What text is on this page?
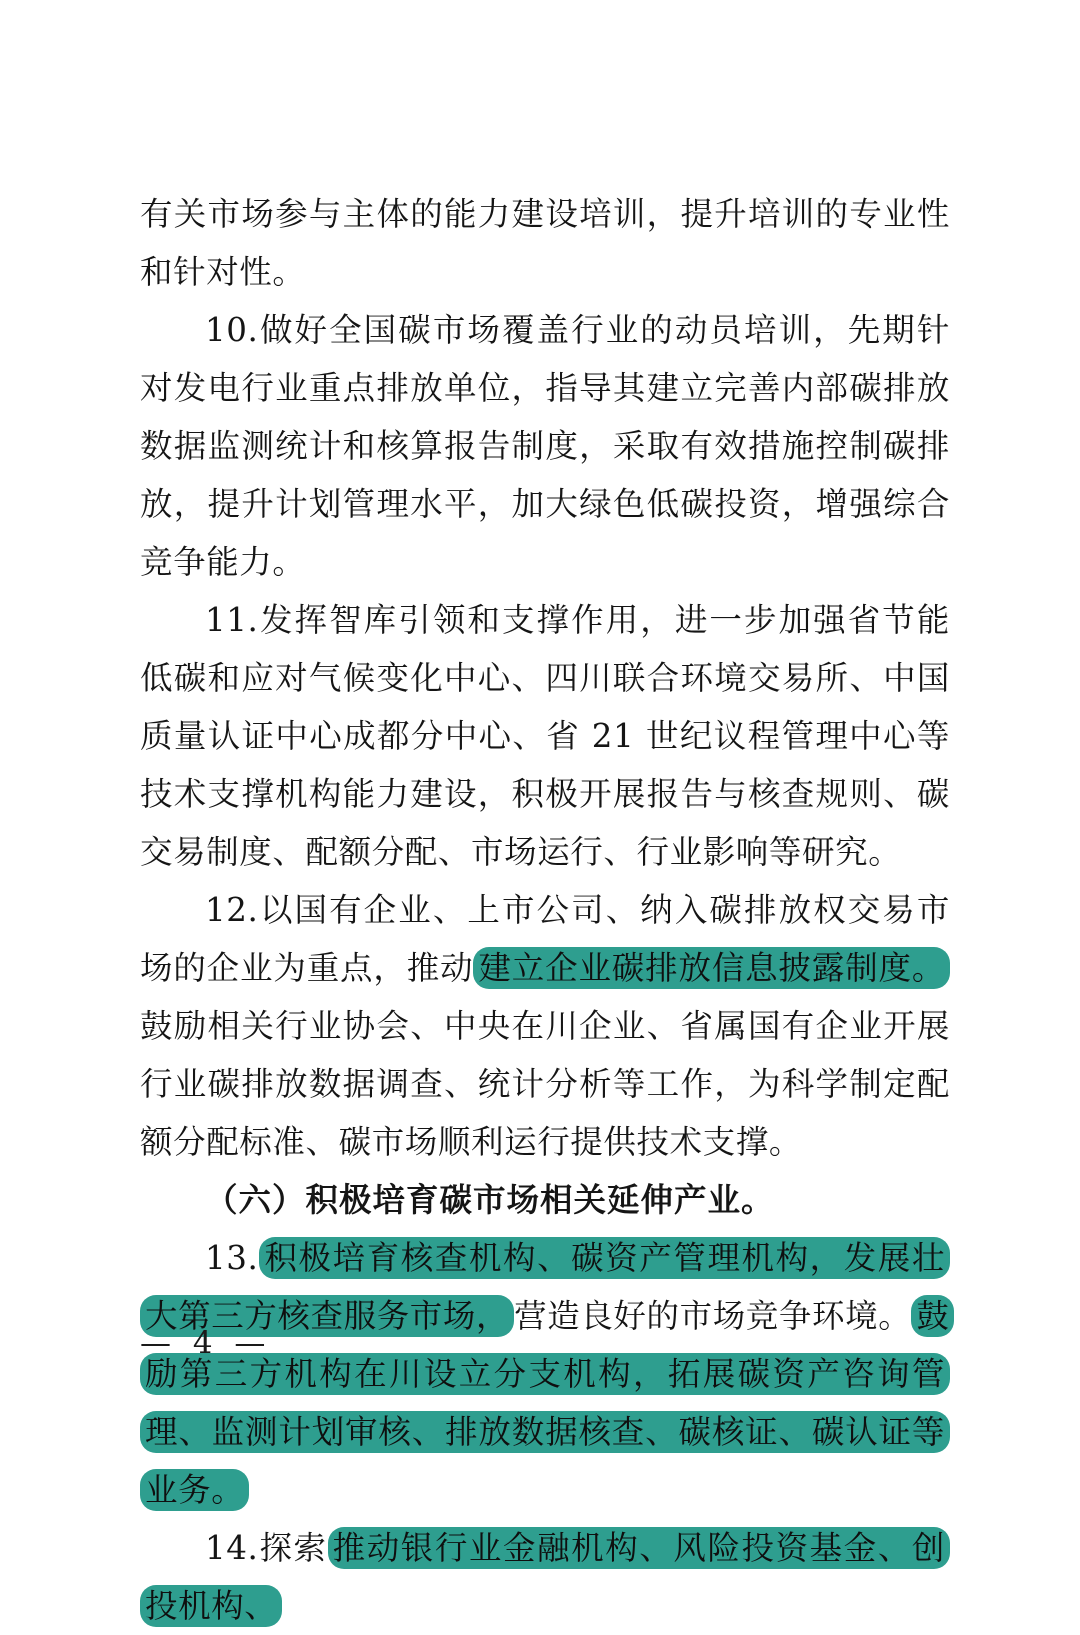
有关市场参与主体的能力建设培训，提升培训的专业性和针对性。

10.做好全国碳市场覆盖行业的动员培训，先期针对发电行业重点排放单位，指导其建立完善内部碳排放数据监测统计和核算报告制度，采取有效措施控制碳排放，提升计划管理水平，加大绿色低碳投资，增强综合竞争能力。

11.发挥智库引领和支撑作用，进一步加强省节能低碳和应对气候变化中心、四川联合环境交易所、中国质量认证中心成都分中心、省 21 世纪议程管理中心等技术支撑机构能力建设，积极开展报告与核查规则、碳交易制度、配额分配、市场运行、行业影响等研究。

12.以国有企业、上市公司、纳入碳排放权交易市场的企业为重点，推动 建立企业碳排放信息披露制度。鼓励相关行业协会、中央在川企业、省属国有企业开展行业碳排放数据调查、统计分析等工作，为科学制定配额分配标准、碳市场顺利运行提供技术支撑。

（六）积极培育碳市场相关延伸产业。

13. 积极培育核查机构、碳资产管理机构，发展壮大第三方核查服务市场， 营造良好的市场竞争环境。 鼓励第三方机构在川设立分支机构，拓展碳资产咨询管理、监测计划审核、排放数据核查、碳核证、碳认证等业务。

14.探索 推动银行业金融机构、风险投资基金、创投机构、

— 4 —
